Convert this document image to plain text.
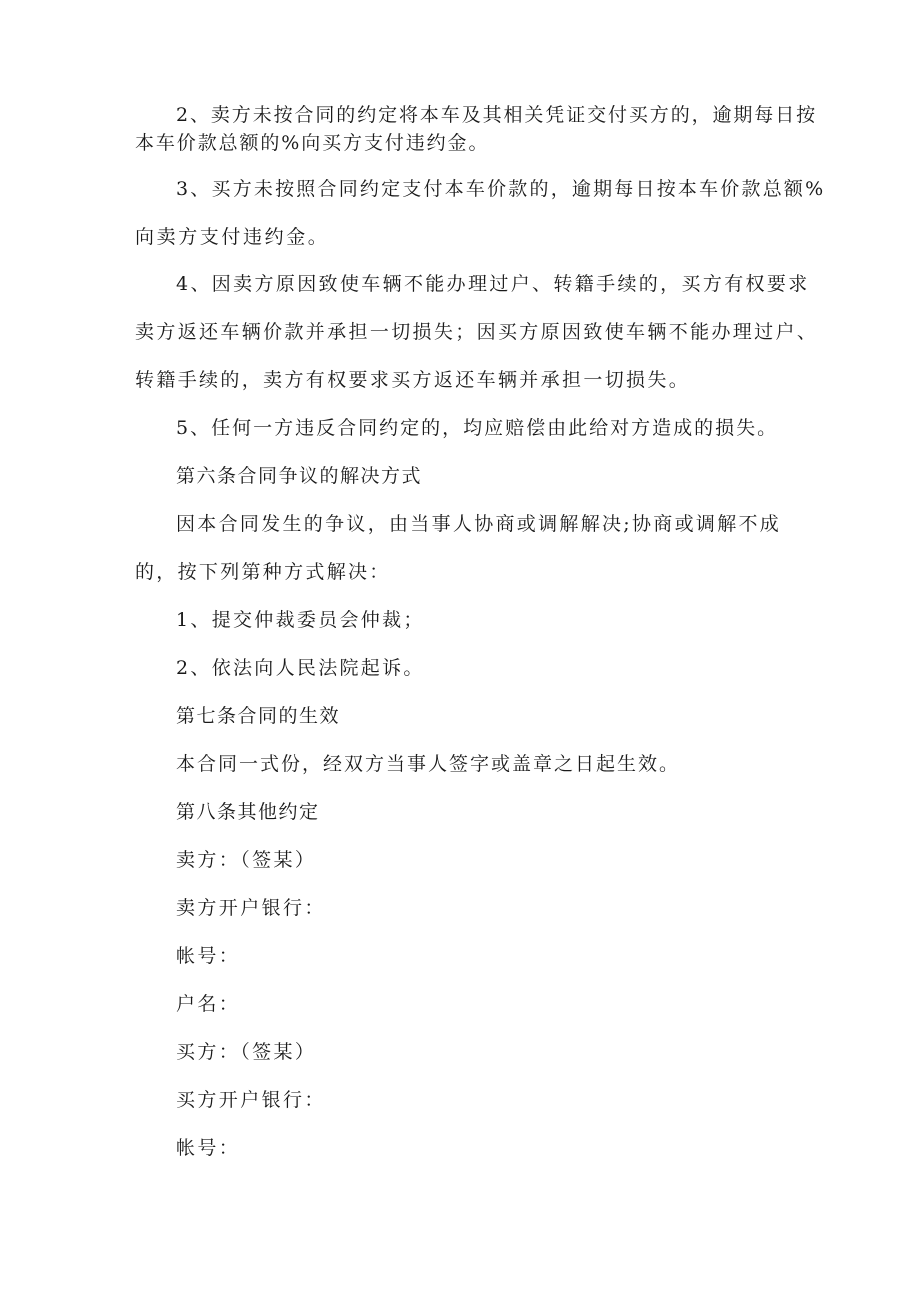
2、卖方未按合同的约定将本车及其相关凭证交付买方的，逾期每日按
本车价款总额的%向买方支付违约金。
3、买方未按照合同约定支付本车价款的，逾期每日按本车价款总额%
向卖方支付违约金。
4、因卖方原因致使车辆不能办理过户、转籍手续的，买方有权要求
卖方返还车辆价款并承担一切损失；因买方原因致使车辆不能办理过户、
转籍手续的，卖方有权要求买方返还车辆并承担一切损失。
5、任何一方违反合同约定的，均应赔偿由此给对方造成的损失。
第六条合同争议的解决方式
因本合同发生的争议，由当事人协商或调解解决;协商或调解不成
的，按下列第种方式解决：
1、提交仲裁委员会仲裁；
2、依法向人民法院起诉。
第七条合同的生效
本合同一式份，经双方当事人签字或盖章之日起生效。
第八条其他约定
卖方：（签某）
卖方开户银行：
帐号：
户名：
买方：（签某）
买方开户银行：
帐号：
